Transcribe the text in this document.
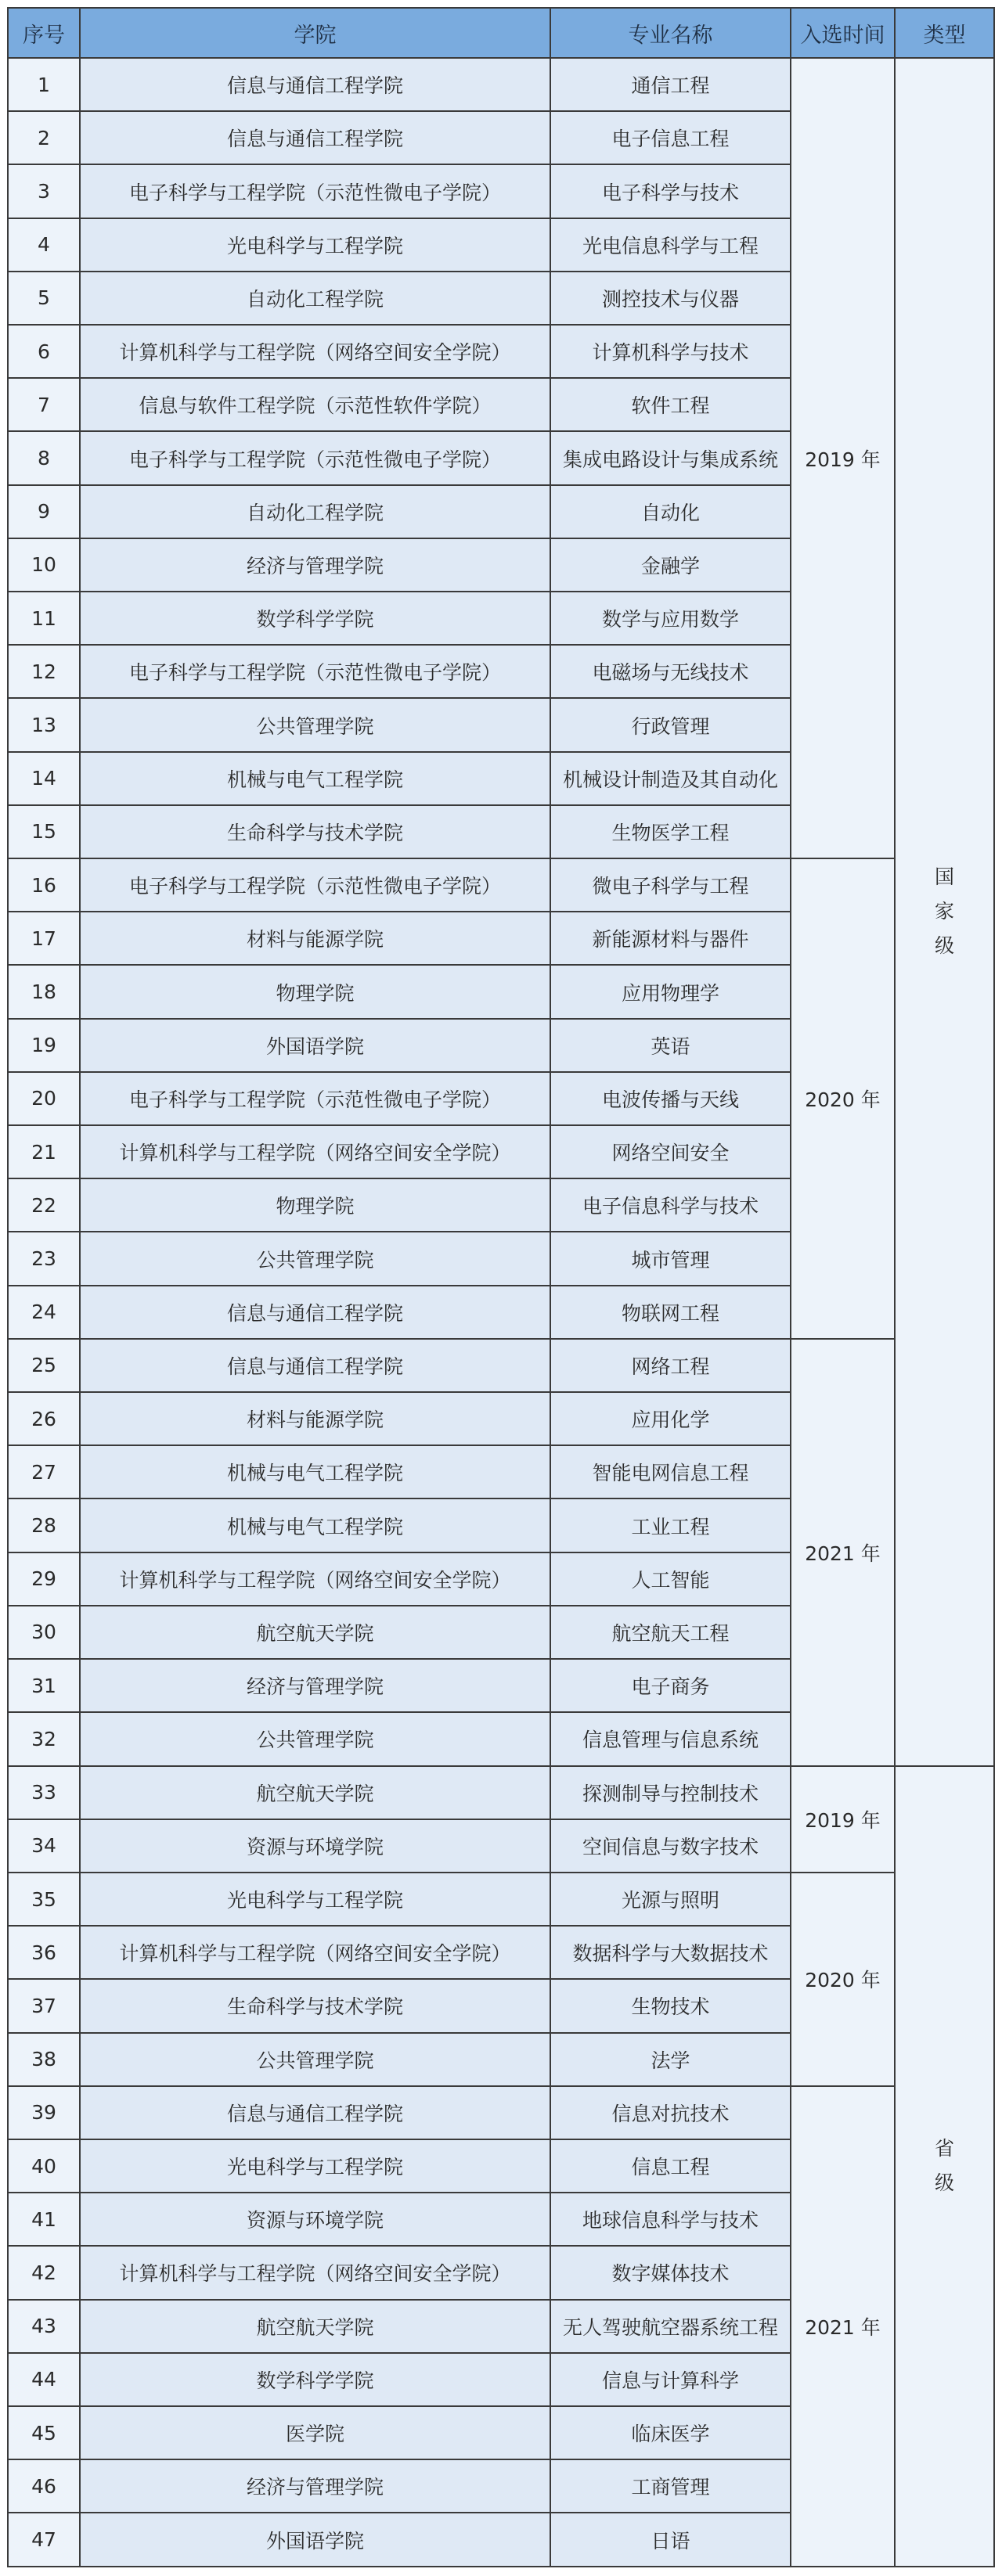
序号	学院	专业名称	入选时间	类型
1	信息与通信工程学院	通信工程	2019 年	国
家
级

2	信息与通信工程学院	电子信息工程		
3	电子科学与工程学院（示范性微电子学院）	电子科学与技术		
4	光电科学与工程学院	光电信息科学与工程		
5	自动化工程学院	测控技术与仪器		
6	计算机科学与工程学院（网络空间安全学院）	计算机科学与技术		
7	信息与软件工程学院（示范性软件学院）	软件工程		
8	电子科学与工程学院（示范性微电子学院）	集成电路设计与集成系统		
9	自动化工程学院	自动化		
10	经济与管理学院	金融学		
11	数学科学学院	数学与应用数学		
12	电子科学与工程学院（示范性微电子学院）	电磁场与无线技术		
13	公共管理学院	行政管理		
14	机械与电气工程学院	机械设计制造及其自动化		
15	生命科学与技术学院	生物医学工程		
16	电子科学与工程学院（示范性微电子学院）	微电子科学与工程	2020 年	
17	材料与能源学院	新能源材料与器件		
18	物理学院	应用物理学		
19	外国语学院	英语		
20	电子科学与工程学院（示范性微电子学院）	电波传播与天线		
21	计算机科学与工程学院（网络空间安全学院）	网络空间安全		
22	物理学院	电子信息科学与技术		
23	公共管理学院	城市管理		
24	信息与通信工程学院	物联网工程		
25	信息与通信工程学院	网络工程	2021 年	
26	材料与能源学院	应用化学		
27	机械与电气工程学院	智能电网信息工程		
28	机械与电气工程学院	工业工程		
29	计算机科学与工程学院（网络空间安全学院）	人工智能		
30	航空航天学院	航空航天工程		
31	经济与管理学院	电子商务		
32	公共管理学院	信息管理与信息系统		
33	航空航天学院	探测制导与控制技术	2019 年	省
级

34	资源与环境学院	空间信息与数字技术		
35	光电科学与工程学院	光源与照明	2020 年	
36	计算机科学与工程学院（网络空间安全学院）	数据科学与大数据技术		
37	生命科学与技术学院	生物技术		
38	公共管理学院	法学		
39	信息与通信工程学院	信息对抗技术	2021 年	
40	光电科学与工程学院	信息工程		
41	资源与环境学院	地球信息科学与技术		
42	计算机科学与工程学院（网络空间安全学院）	数字媒体技术		
43	航空航天学院	无人驾驶航空器系统工程		
44	数学科学学院	信息与计算科学		
45	医学院	临床医学		
46	经济与管理学院	工商管理		
47	外国语学院	日语		
